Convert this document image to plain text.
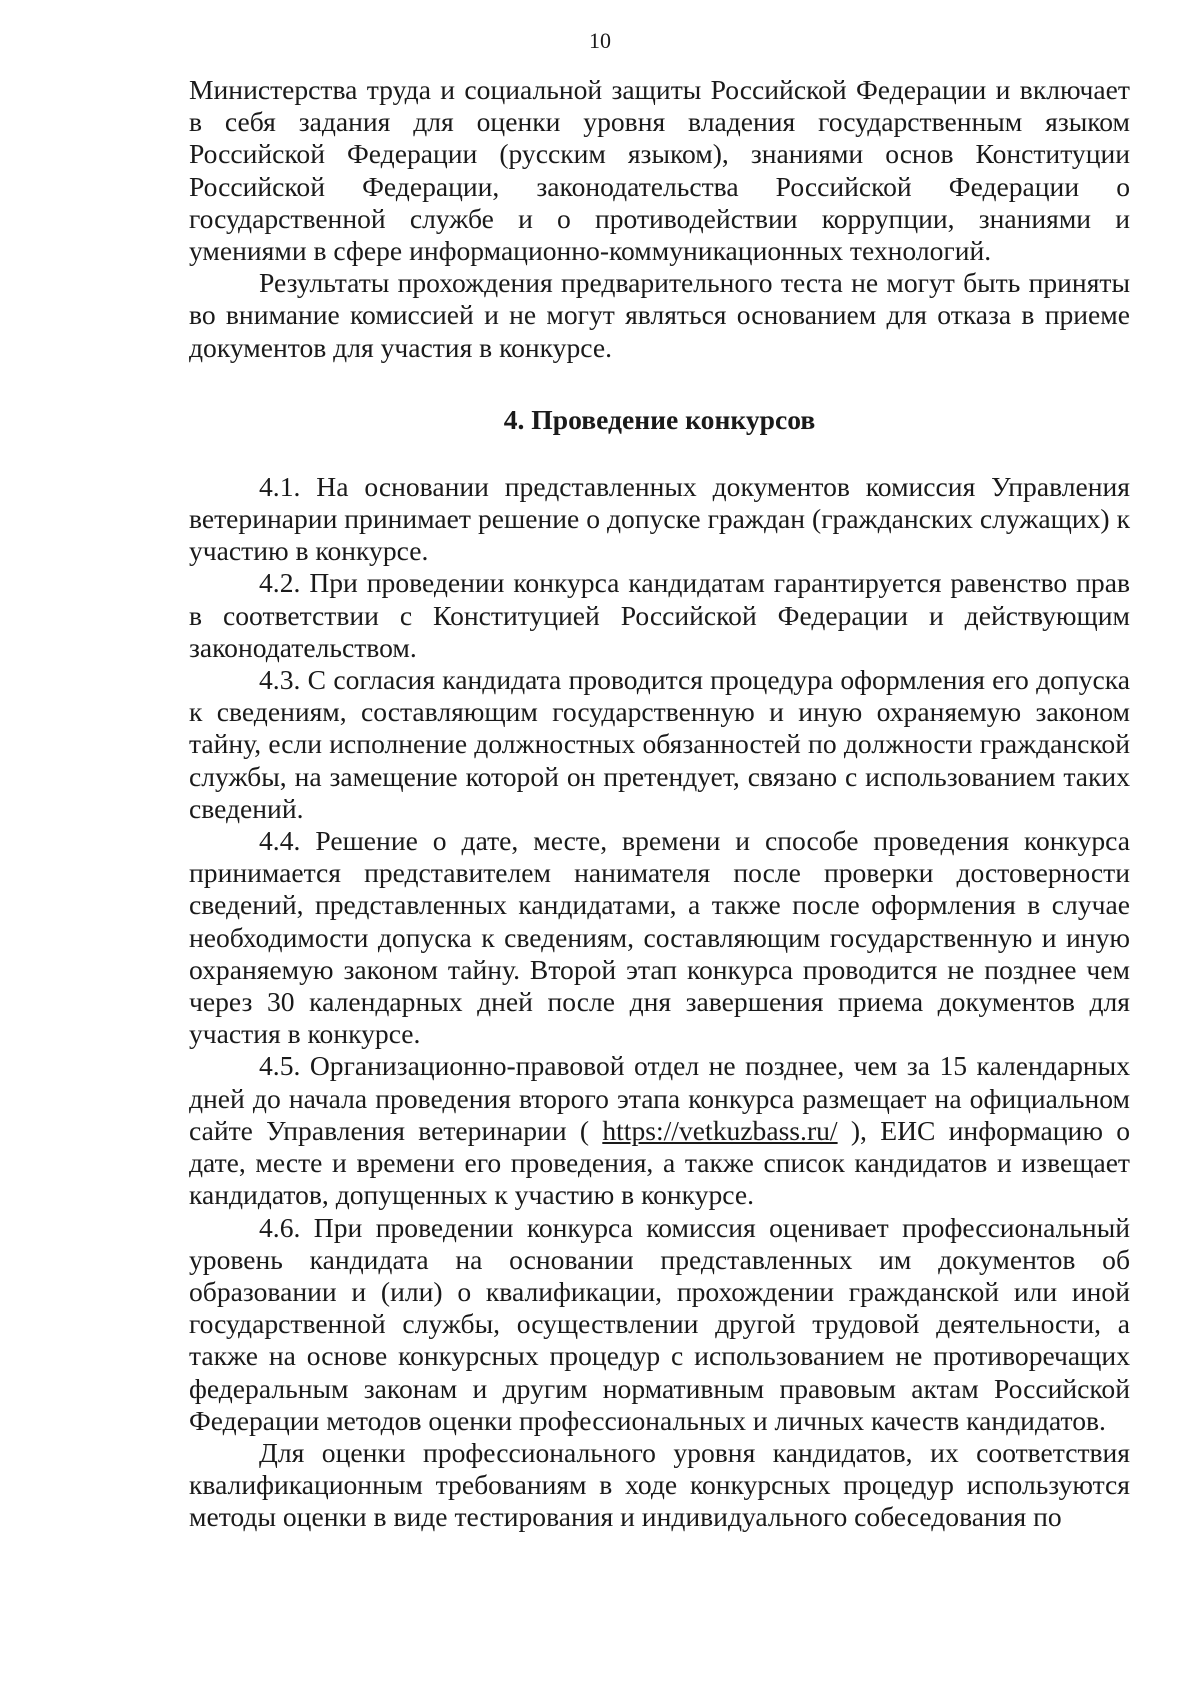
10

Министерства труда и социальной защиты Российской Федерации и включает в себя задания для оценки уровня владения государственным языком Российской Федерации (русским языком), знаниями основ Конституции Российской Федерации, законодательства Российской Федерации о государственной службе и о противодействии коррупции, знаниями и умениями в сфере информационно-коммуникационных технологий.

Результаты прохождения предварительного теста не могут быть приняты во внимание комиссией и не могут являться основанием для отказа в приеме документов для участия в конкурсе.

4. Проведение конкурсов

4.1. На основании представленных документов комиссия Управления ветеринарии принимает решение о допуске граждан (гражданских служащих) к участию в конкурсе.

4.2. При проведении конкурса кандидатам гарантируется равенство прав в соответствии с Конституцией Российской Федерации и действующим законодательством.

4.3. С согласия кандидата проводится процедура оформления его допуска к сведениям, составляющим государственную и иную охраняемую законом тайну, если исполнение должностных обязанностей по должности гражданской службы, на замещение которой он претендует, связано с использованием таких сведений.

4.4. Решение о дате, месте, времени и способе проведения конкурса принимается представителем нанимателя после проверки достоверности сведений, представленных кандидатами, а также после оформления в случае необходимости допуска к сведениям, составляющим государственную и иную охраняемую законом тайну. Второй этап конкурса проводится не позднее чем через 30 календарных дней после дня завершения приема документов для участия в конкурсе.

4.5. Организационно-правовой отдел не позднее, чем за 15 календарных дней до начала проведения второго этапа конкурса размещает на официальном сайте Управления ветеринарии ( https://vetkuzbass.ru/ ), ЕИС информацию о дате, месте и времени его проведения, а также список кандидатов и извещает кандидатов, допущенных к участию в конкурсе.

4.6. При проведении конкурса комиссия оценивает профессиональный уровень кандидата на основании представленных им документов об образовании и (или) о квалификации, прохождении гражданской или иной государственной службы, осуществлении другой трудовой деятельности, а также на основе конкурсных процедур с использованием не противоречащих федеральным законам и другим нормативным правовым актам Российской Федерации методов оценки профессиональных и личных качеств кандидатов.

Для оценки профессионального уровня кандидатов, их соответствия квалификационным требованиям в ходе конкурсных процедур используются методы оценки в виде тестирования и индивидуального собеседования по
